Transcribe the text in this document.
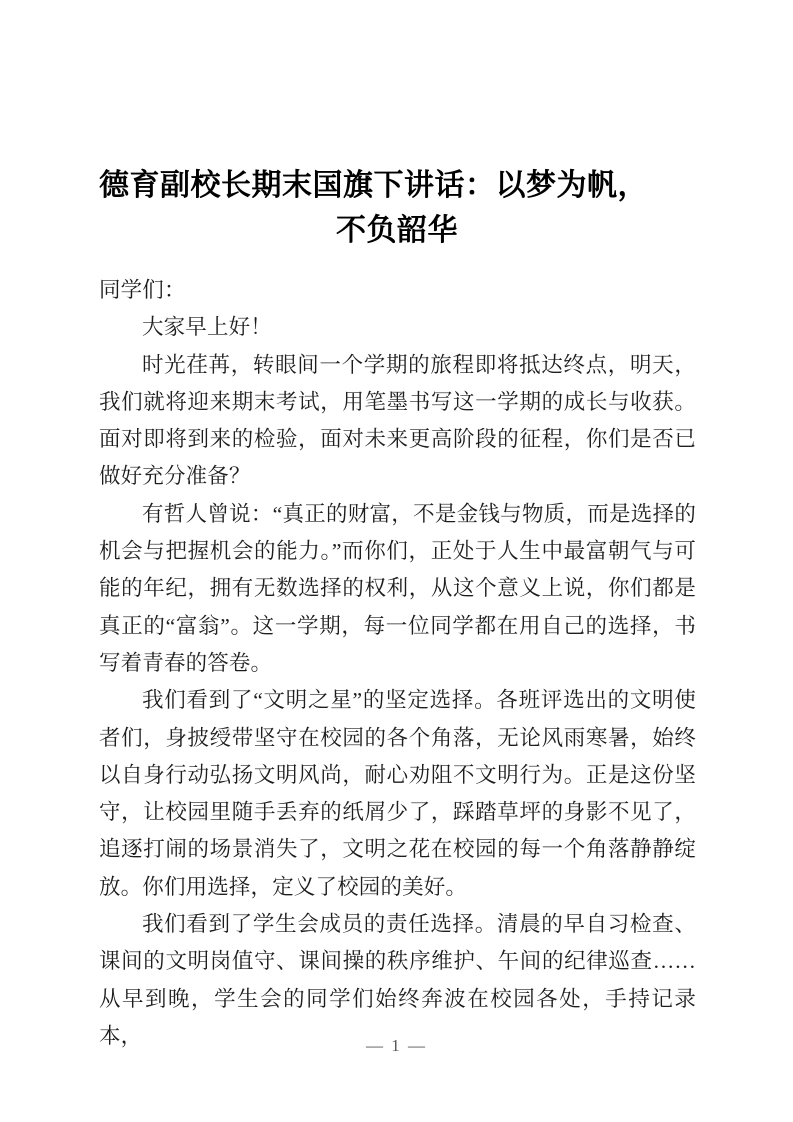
德育副校长期末国旗下讲话：以梦为帆，
不负韶华

同学们：

大家早上好！

时光荏苒，转眼间一个学期的旅程即将抵达终点，明天，我们就将迎来期末考试，用笔墨书写这一学期的成长与收获。面对即将到来的检验，面对未来更高阶段的征程，你们是否已做好充分准备？

有哲人曾说：“真正的财富，不是金钱与物质，而是选择的机会与把握机会的能力。”而你们，正处于人生中最富朝气与可能的年纪，拥有无数选择的权利，从这个意义上说，你们都是真正的“富翁”。这一学期，每一位同学都在用自己的选择，书写着青春的答卷。

我们看到了“文明之星”的坚定选择。各班评选出的文明使者们，身披绶带坚守在校园的各个角落，无论风雨寒暑，始终以自身行动弘扬文明风尚，耐心劝阻不文明行为。正是这份坚守，让校园里随手丢弃的纸屑少了，踩踏草坪的身影不见了，追逐打闹的场景消失了，文明之花在校园的每一个角落静静绽放。你们用选择，定义了校园的美好。

我们看到了学生会成员的责任选择。清晨的早自习检查、课间的文明岗值守、课间操的秩序维护、午间的纪律巡查……从早到晚，学生会的同学们始终奔波在校园各处，手持记录本，	— 1 —
